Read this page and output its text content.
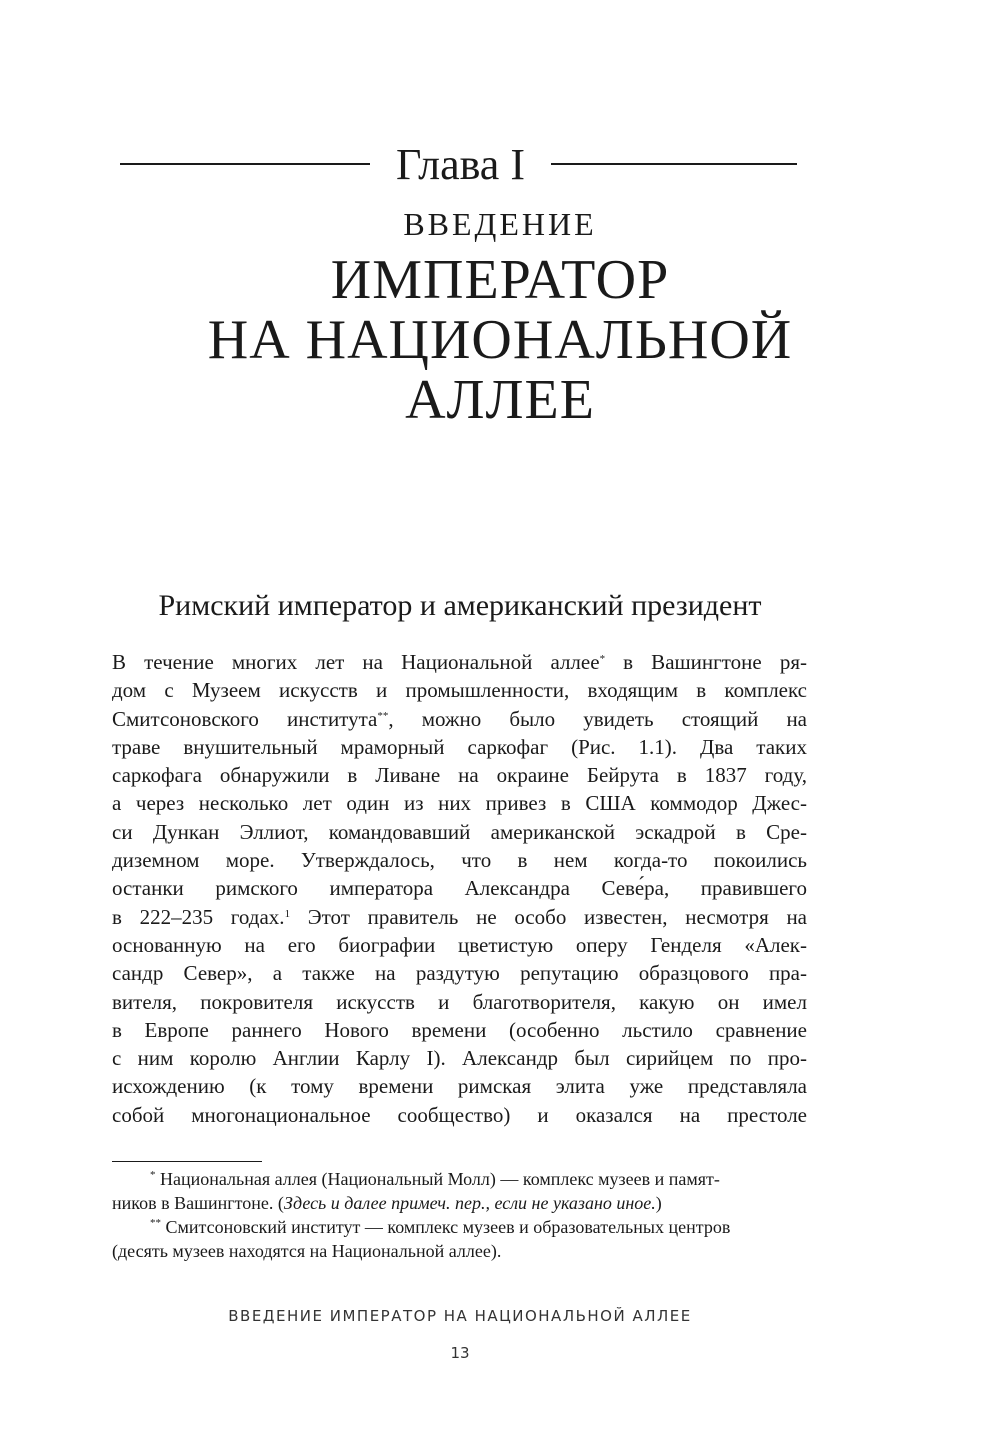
Глава I
ВВЕДЕНИЕ
ИМПЕРАТОР
НА НАЦИОНАЛЬНОЙ
АЛЛЕЕ
Римский император и американский президент
В течение многих лет на Национальной аллее* в Вашингтоне ря-
дом с Музеем искусств и промышленности, входящим в комплекс
Смитсоновского института**, можно было увидеть стоящий на
траве внушительный мраморный саркофаг (Рис. 1.1). Два таких
саркофага обнаружили в Ливане на окраине Бейрута в 1837 году,
а через несколько лет один из них привез в США коммодор Джес-
си Дункан Эллиот, командовавший американской эскадрой в Сре-
диземном море. Утверждалось, что в нем когда-то покоились
останки римского императора Александра Севе́ра, правившего
в 222–235 годах.$^1$ Этот правитель не особо известен, несмотря на
основанную на его биографии цветистую оперу Генделя «Алек-
сандр Север», а также на раздутую репутацию образцового пра-
вителя, покровителя искусств и благотворителя, какую он имел
в Европе раннего Нового времени (особенно льстило сравнение
с ним королю Англии Карлу I). Александр был сирийцем по про-
исхождению (к тому времени римская элита уже представляла
собой многонациональное сообщество) и оказался на престоле
* Национальная аллея (Национальный Молл) — комплекс музеев и памят-
ников в Вашингтоне. (Здесь и далее примеч. пер., если не указано иное.)
** Смитсоновский институт — комплекс музеев и образовательных центров
(десять музеев находятся на Национальной аллее).
ВВЕДЕНИЕ ИМПЕРАТОР НА НАЦИОНАЛЬНОЙ АЛЛЕЕ
13
